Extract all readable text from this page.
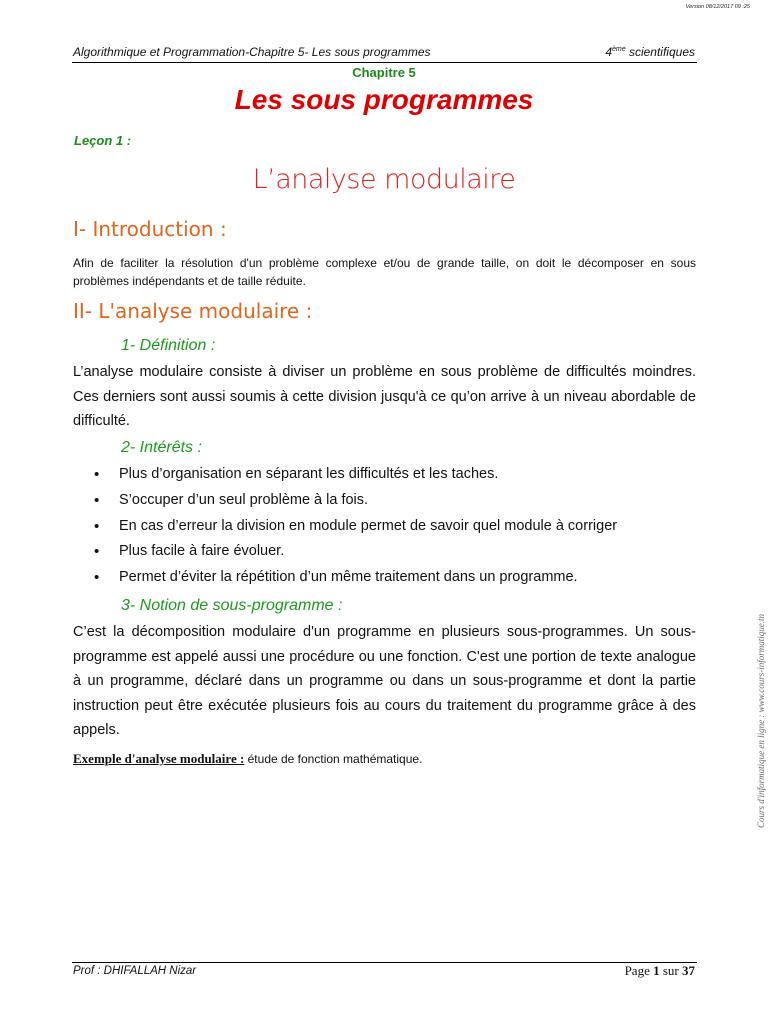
Version 08/12/2017 09 :25
Algorithmique et Programmation-Chapitre 5- Les sous programmes	4ème scientifiques
Chapitre 5
Les sous programmes
Leçon 1 :
L’analyse modulaire
I- Introduction :
Afin de faciliter la résolution d'un problème complexe et/ou de grande taille, on doit le décomposer en sous problèmes indépendants et de taille réduite.
II- L'analyse modulaire :
1- Définition :
L’analyse modulaire consiste à diviser un problème en sous problème de difficultés moindres. Ces derniers sont aussi soumis à cette division jusqu'à ce qu’on arrive à un niveau abordable de difficulté.
2- Intérêts :
• Plus d’organisation en séparant les difficultés et les taches.
• S’occuper d’un seul problème à la fois.
• En cas d’erreur la division en module permet de savoir quel module à corriger
• Plus facile à faire évoluer.
• Permet d’éviter la répétition d’un même traitement dans un programme.
3- Notion de sous-programme :
C’est la décomposition modulaire d'un programme en plusieurs sous-programmes. Un sous-programme est appelé aussi une procédure ou une fonction. C'est une portion de texte analogue à un programme, déclaré dans un programme ou dans un sous-programme et dont la partie instruction peut être exécutée plusieurs fois au cours du traitement du programme grâce à des appels.
Exemple d'analyse modulaire : étude de fonction mathématique.	Cours d'informatique en ligne : www.cours-informatique.tn
Prof : DHIFALLAH Nizar	Page 1 sur 37
